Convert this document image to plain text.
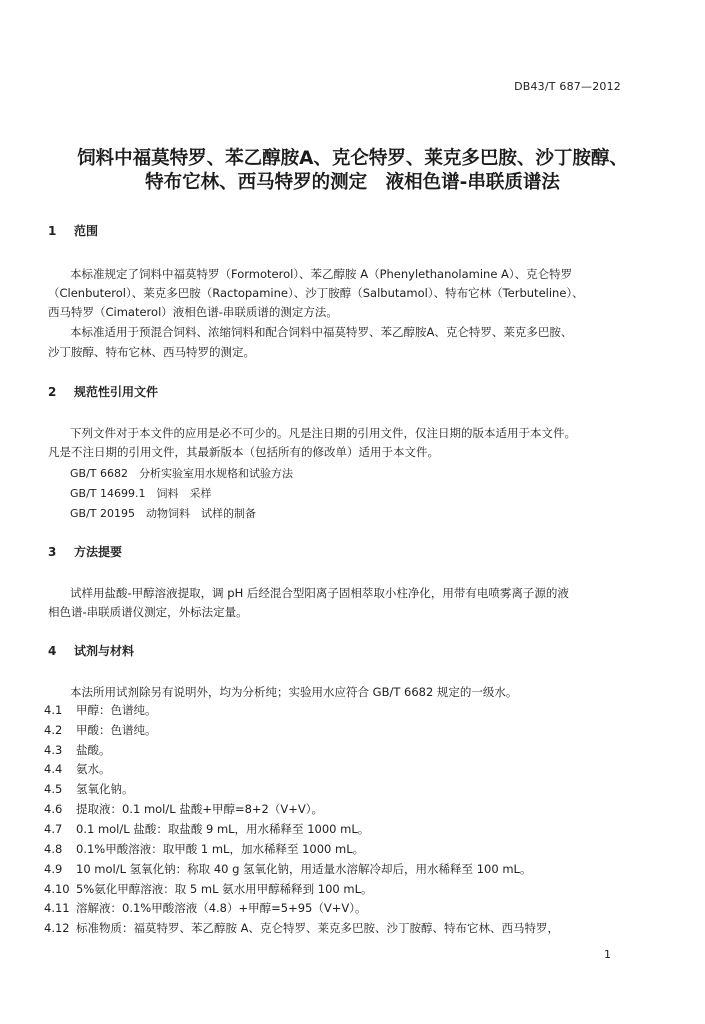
DB43/T 687—2012
饲料中福莫特罗、苯乙醇胺A、克仑特罗、莱克多巴胺、沙丁胺醇、
特布它林、西马特罗的测定　液相色谱-串联质谱法
1 范围
本标准规定了饲料中福莫特罗（Formoterol）、苯乙醇胺 A（Phenylethanolamine A）、克仑特罗
（Clenbuterol）、莱克多巴胺（Ractopamine）、沙丁胺醇（Salbutamol）、特布它林（Terbuteline）、
西马特罗（Cimaterol）液相色谱-串联质谱的测定方法。
本标准适用于预混合饲料、浓缩饲料和配合饲料中福莫特罗、苯乙醇胺A、克仑特罗、莱克多巴胺、
沙丁胺醇、特布它林、西马特罗的测定。
2 规范性引用文件
下列文件对于本文件的应用是必不可少的。凡是注日期的引用文件，仅注日期的版本适用于本文件。
凡是不注日期的引用文件，其最新版本（包括所有的修改单）适用于本文件。
GB/T 6682　分析实验室用水规格和试验方法
GB/T 14699.1　饲料　采样
GB/T 20195　动物饲料　试样的制备
3 方法提要
试样用盐酸-甲醇溶液提取，调 pH 后经混合型阳离子固相萃取小柱净化，用带有电喷雾离子源的液
相色谱-串联质谱仪测定，外标法定量。
4 试剂与材料
本法所用试剂除另有说明外，均为分析纯；实验用水应符合 GB/T 6682 规定的一级水。
4.1 甲醇：色谱纯。
4.2 甲酸：色谱纯。
4.3 盐酸。
4.4 氨水。
4.5 氢氧化钠。
4.6 提取液：0.1 mol/L 盐酸+甲醇=8+2（V+V）。
4.7 0.1 mol/L 盐酸：取盐酸 9 mL，用水稀释至 1000 mL。
4.8 0.1%甲酸溶液：取甲酸 1 mL，加水稀释至 1000 mL。
4.9 10 mol/L 氢氧化钠：称取 40 g 氢氧化钠，用适量水溶解冷却后，用水稀释至 100 mL。
4.10 5%氨化甲醇溶液：取 5 mL 氨水用甲醇稀释到 100 mL。
4.11 溶解液：0.1%甲酸溶液（4.8）+甲醇=5+95（V+V）。
4.12 标准物质：福莫特罗、苯乙醇胺 A、克仑特罗、莱克多巴胺、沙丁胺醇、特布它林、西马特罗，
1
